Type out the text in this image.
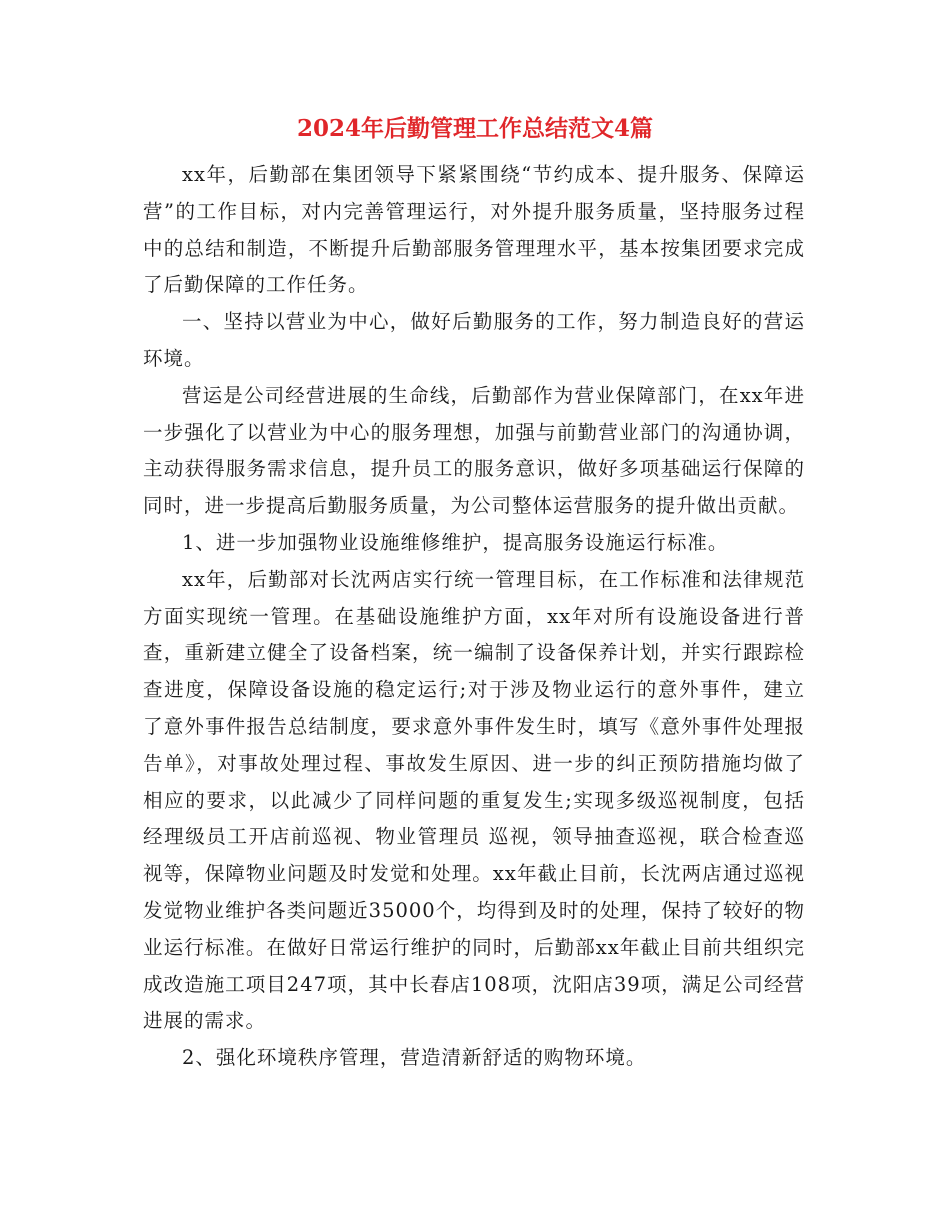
2024年后勤管理工作总结范文4篇

xx年，后勤部在集团领导下紧紧围绕“节约成本、提升服务、保障运营”的工作目标，对内完善管理运行，对外提升服务质量，坚持服务过程中的总结和制造，不断提升后勤部服务管理理水平，基本按集团要求完成了后勤保障的工作任务。

一、坚持以营业为中心，做好后勤服务的工作，努力制造良好的营运环境。

营运是公司经营进展的生命线，后勤部作为营业保障部门，在xx年进一步强化了以营业为中心的服务理想，加强与前勤营业部门的沟通协调，主动获得服务需求信息，提升员工的服务意识，做好多项基础运行保障的同时，进一步提高后勤服务质量，为公司整体运营服务的提升做出贡献。

1、进一步加强物业设施维修维护，提高服务设施运行标准。

xx年，后勤部对长沈两店实行统一管理目标，在工作标准和法律规范方面实现统一管理。在基础设施维护方面，xx年对所有设施设备进行普查，重新建立健全了设备档案，统一编制了设备保养计划，并实行跟踪检查进度，保障设备设施的稳定运行;对于涉及物业运行的意外事件，建立了意外事件报告总结制度，要求意外事件发生时，填写《意外事件处理报告单》，对事故处理过程、事故发生原因、进一步的纠正预防措施均做了相应的要求，以此减少了同样问题的重复发生;实现多级巡视制度，包括经理级员工开店前巡视、物业管理员 巡视，领导抽查巡视，联合检查巡视等，保障物业问题及时发觉和处理。xx年截止目前，长沈两店通过巡视发觉物业维护各类问题近35000个，均得到及时的处理，保持了较好的物业运行标准。在做好日常运行维护的同时，后勤部xx年截止目前共组织完成改造施工项目247项，其中长春店108项，沈阳店39项，满足公司经营进展的需求。

2、强化环境秩序管理，营造清新舒适的购物环境。
